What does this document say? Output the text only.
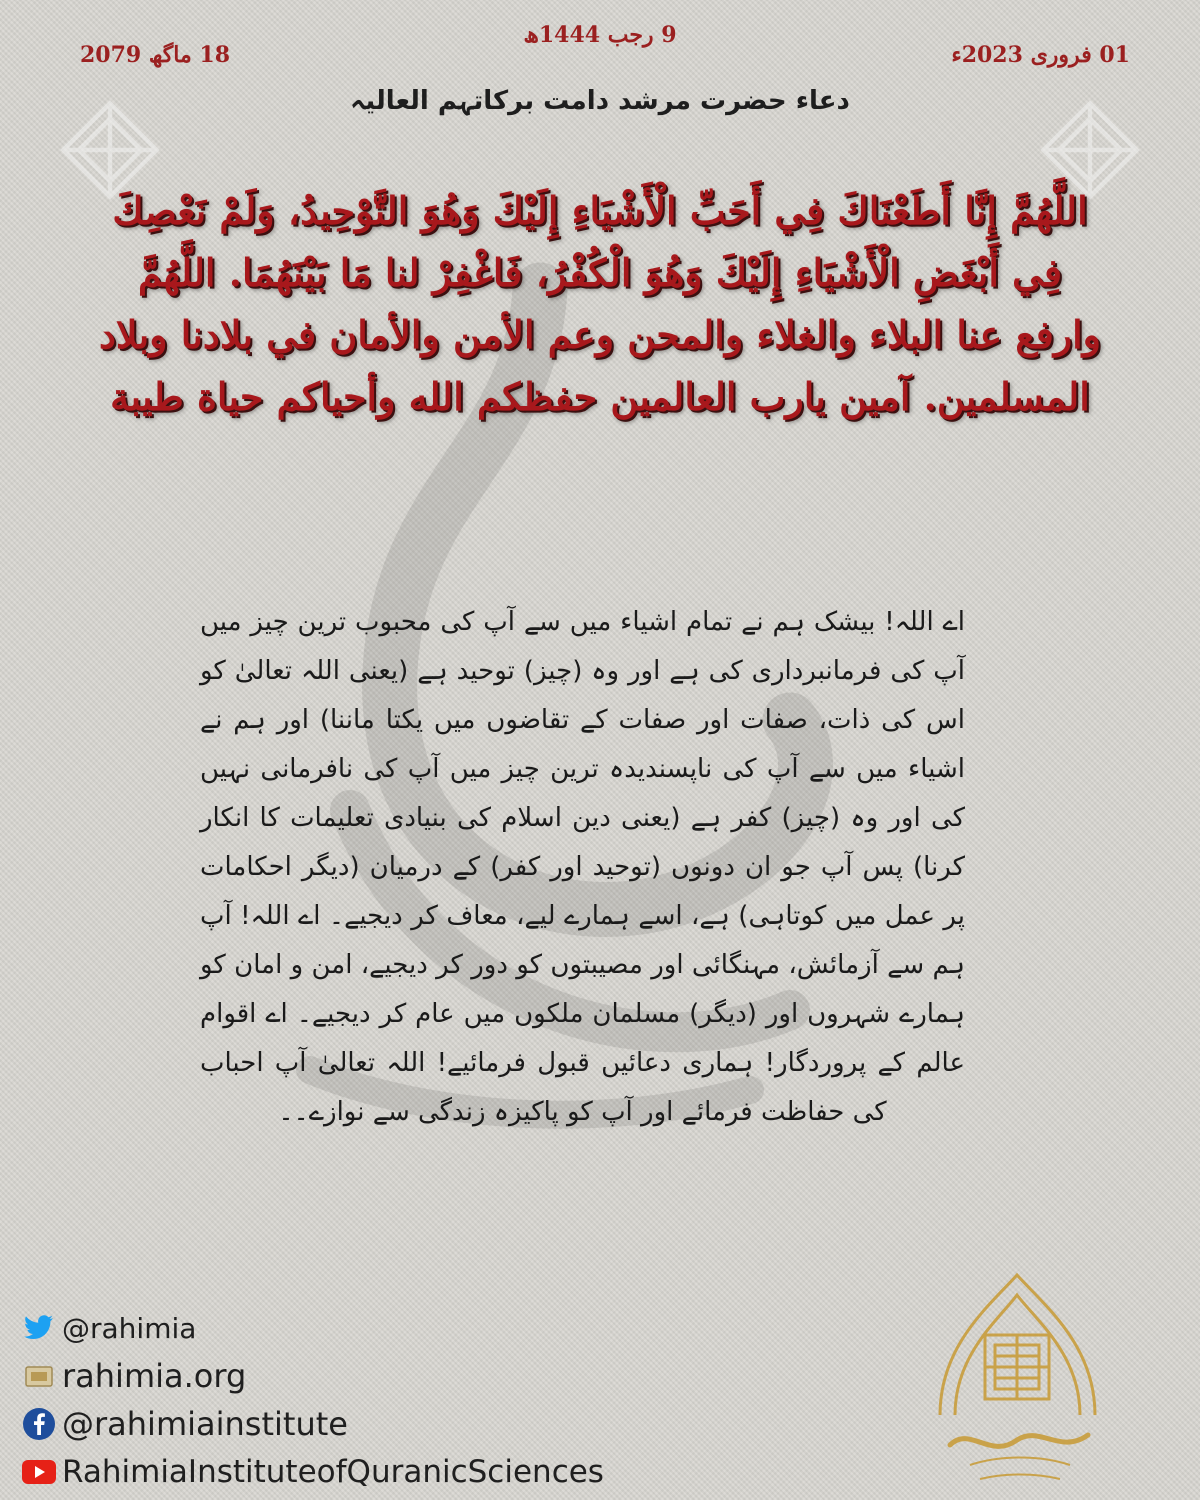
9 رجب 1444ھ
18 ماگھ 2079	01 فروری 2023ء
دعاء حضرت مرشد دامت برکاتہم العالیہ
اللَّهُمَّ إِنَّا أَطَعْنَاكَ فِي أَحَبِّ الْأَشْيَاءِ إِلَيْكَ وَهُوَ التَّوْحِيدُ، وَلَمْ نَعْصِكَ فِي أَبْغَضِ الْأَشْيَاءِ إِلَيْكَ وَهُوَ الْكُفْرُ، فَاغْفِرْ لنا مَا بَيْنَهُمَا. اللَّهُمَّ وارفع عنا البلاء والغلاء والمحن وعم الأمن والأمان في بلادنا وبلاد المسلمين. آمين يارب العالمين حفظكم الله وأحياكم حياة طيبة
اے اللہ! بیشک ہم نے تمام اشیاء میں سے آپ کی محبوب ترین چیز میں آپ کی فرمانبرداری کی ہے اور وہ (چیز) توحید ہے (یعنی اللہ تعالیٰ کو اس کی ذات، صفات اور صفات کے تقاضوں میں یکتا ماننا) اور ہم نے اشیاء میں سے آپ کی ناپسندیدہ ترین چیز میں آپ کی نافرمانی نہیں کی اور وہ (چیز) کفر ہے (یعنی دین اسلام کی بنیادی تعلیمات کا انکار کرنا) پس آپ جو ان دونوں (توحید اور کفر) کے درمیان (دیگر احکامات پر عمل میں کوتاہی) ہے، اسے ہمارے لیے، معاف کر دیجیے۔ اے اللہ! آپ ہم سے آزمائش، مہنگائی اور مصیبتوں کو دور کر دیجیے، امن و امان کو ہمارے شہروں اور (دیگر) مسلمان ملکوں میں عام کر دیجیے۔ اے اقوام عالم کے پروردگار! ہماری دعائیں قبول فرمائیے! اللہ تعالیٰ آپ احباب کی حفاظت فرمائے اور آپ کو پاکیزہ زندگی سے نوازے۔۔
@rahimia
rahimia.org
@rahimiainstitute
RahimiaInstituteofQuranicSciences
